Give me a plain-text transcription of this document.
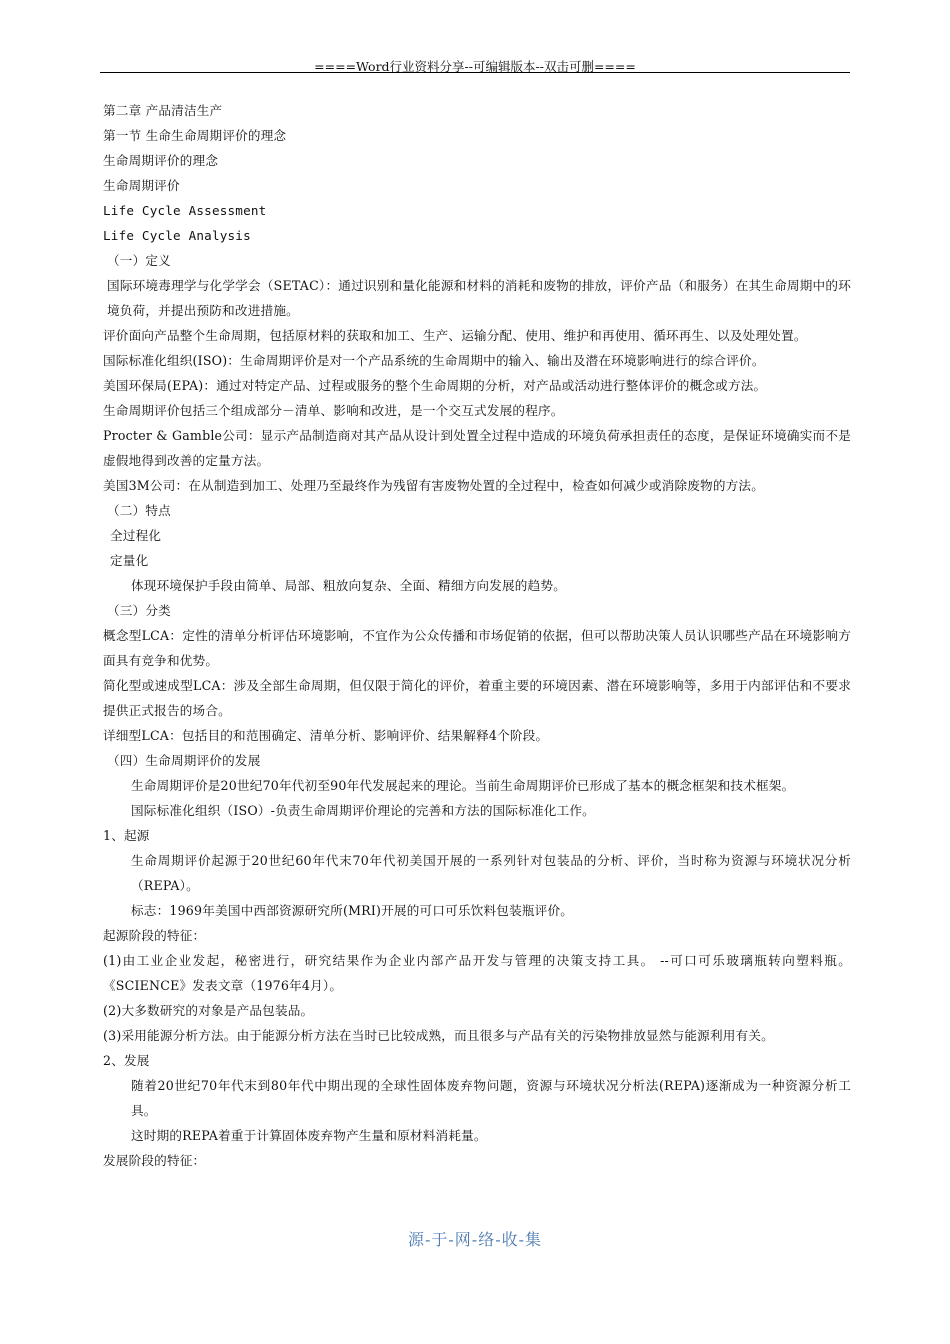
====Word行业资料分享--可编辑版本--双击可删====

第二章 产品清洁生产

第一节 生命生命周期评价的理念

生命周期评价的理念

生命周期评价

Life Cycle Assessment

Life Cycle Analysis

（一）定义

国际环境毒理学与化学学会（SETAC）：通过识别和量化能源和材料的消耗和废物的排放，评价产品（和服务）在其生命周期中的环境负荷，并提出预防和改进措施。

评价面向产品整个生命周期，包括原材料的获取和加工、生产、运输分配、使用、维护和再使用、循环再生、以及处理处置。

国际标准化组织(ISO)：生命周期评价是对一个产品系统的生命周期中的输入、输出及潜在环境影响进行的综合评价。

美国环保局(EPA)：通过对特定产品、过程或服务的整个生命周期的分析，对产品或活动进行整体评价的概念或方法。

生命周期评价包括三个组成部分－清单、影响和改进，是一个交互式发展的程序。

Procter & Gamble公司：显示产品制造商对其产品从设计到处置全过程中造成的环境负荷承担责任的态度，是保证环境确实而不是虚假地得到改善的定量方法。

美国3M公司：在从制造到加工、处理乃至最终作为残留有害废物处置的全过程中，检查如何减少或消除废物的方法。

（二）特点

全过程化

定量化

体现环境保护手段由简单、局部、粗放向复杂、全面、精细方向发展的趋势。

（三）分类

概念型LCA：定性的清单分析评估环境影响，不宜作为公众传播和市场促销的依据，但可以帮助决策人员认识哪些产品在环境影响方面具有竞争和优势。

简化型或速成型LCA：涉及全部生命周期，但仅限于简化的评价，着重主要的环境因素、潜在环境影响等，多用于内部评估和不要求提供正式报告的场合。

详细型LCA：包括目的和范围确定、清单分析、影响评价、结果解释4个阶段。

（四）生命周期评价的发展

生命周期评价是20世纪70年代初至90年代发展起来的理论。当前生命周期评价已形成了基本的概念框架和技术框架。

国际标准化组织（ISO）-负责生命周期评价理论的完善和方法的国际标准化工作。

1、起源

生命周期评价起源于20世纪60年代末70年代初美国开展的一系列针对包装品的分析、评价，当时称为资源与环境状况分析（REPA）。

标志：1969年美国中西部资源研究所(MRI)开展的可口可乐饮料包装瓶评价。

起源阶段的特征：

(1)由工业企业发起，秘密进行，研究结果作为企业内部产品开发与管理的决策支持工具。 --可口可乐玻璃瓶转向塑料瓶。《SCIENCE》发表文章（1976年4月）。

(2)大多数研究的对象是产品包装品。

(3)采用能源分析方法。由于能源分析方法在当时已比较成熟，而且很多与产品有关的污染物排放显然与能源利用有关。

2、发展

随着20世纪70年代末到80年代中期出现的全球性固体废弃物问题，资源与环境状况分析法(REPA)逐渐成为一种资源分析工具。

这时期的REPA着重于计算固体废弃物产生量和原材料消耗量。

发展阶段的特征：

源-于-网-络-收-集
